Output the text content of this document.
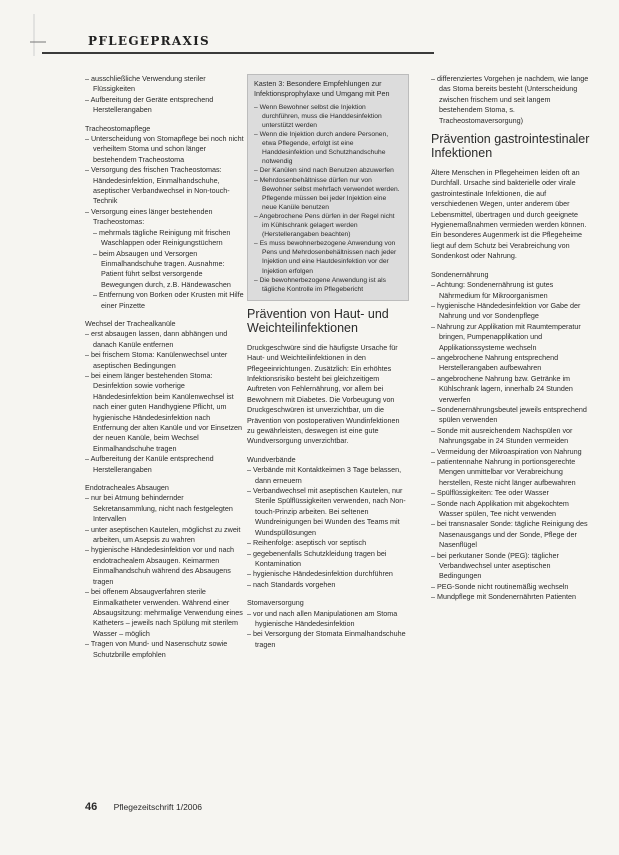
PFLEGEPRAXIS
– ausschließliche Verwendung steriler Flüssigkeiten
– Aufbereitung der Geräte entsprechend Herstellerangaben
Tracheostomapflege
– Unterscheidung von Stomapflege bei noch nicht verheiltem Stoma und schon länger bestehendem Tracheostoma
– Versorgung des frischen Tracheostomas: Händedesinfektion, Einmalhandschuhe, aseptischer Verbandwechsel in Non-touch-Technik
– Versorgung eines länger bestehenden Tracheostomas:
– mehrmals tägliche Reinigung mit frischen Waschlappen oder Reinigungstüchern
– beim Absaugen und Versorgen Einmalhandschuhe tragen. Ausnahme: Patient führt selbst versorgende Bewegungen durch, z.B. Händewaschen
– Entfernung von Borken oder Krusten mit Hilfe einer Pinzette
Wechsel der Trachealkanüle
– erst absaugen lassen, dann abhängen und danach Kanüle entfernen
– bei frischem Stoma: Kanülenwechsel unter aseptischen Bedingungen
– bei einem länger bestehenden Stoma: Desinfektion sowie vorherige Händedesinfektion beim Kanülenwechsel ist nach einer guten Handhygiene Pflicht, um hygienische Händedesinfektion nach Entfernung der alten Kanüle und vor Einsetzen der neuen Kanüle, beim Wechsel Einmalhandschuhe tragen
– Aufbereitung der Kanüle entsprechend Herstellerangaben
Endotracheales Absaugen
– nur bei Atmung behindernder Sekretansammlung, nicht nach festgelegten Intervallen
– unter aseptischen Kautelen, möglichst zu zweit arbeiten, um Asepsis zu wahren
– hygienische Händedesinfektion vor und nach endotrachealem Absaugen. Keimarmen Einmalhandschuh während des Absaugens tragen
– bei offenem Absaugverfahren sterile Einmalkatheter verwenden. Während einer Absaugsitzung: mehrmalige Verwendung eines Katheters – jeweils nach Spülung mit sterilem Wasser – möglich
– Tragen von Mund- und Nasenschutz sowie Schutzbrille empfohlen
Kasten 3: Besondere Empfehlungen zur Infektionsprophylaxe und Umgang mit Pen
– Wenn Bewohner selbst die Injektion durchführen, muss die Handdesinfektion unterstützt werden
– Wenn die Injektion durch andere Personen, etwa Pflegende, erfolgt ist eine Handdesinfektion und Schutzhandschuhe notwendig
– Der Kanülen sind nach Benutzen abzuwerfen
– Mehrdosenbehältnisse dürfen nur von Bewohner selbst mehrfach verwendet werden. Pflegende müssen bei jeder Injektion eine neue Kanüle benutzen
– Angebrochene Pens dürfen in der Regel nicht im Kühlschrank gelagert werden (Herstellerangaben beachten)
– Es muss bewohnerbezogene Anwendung von Pens und Mehrdosenbehältnissen nach jeder Injektion und eine Hautdesinfektion vor der Injektion erfolgen
– Die bewohnerbezogene Anwendung ist als tägliche Kontrolle im Pflegebericht
Prävention von Haut- und Weichteilinfektionen
Druckgeschwüre sind die häufigste Ursache für Haut- und Weichteilinfektionen in den Pflegeeinrichtungen. Zusätzlich: Ein erhöhtes Infektionsrisiko besteht bei gleichzeitigem Auftreten von Fehlernährung, vor allem bei Bewohnern mit Diabetes. Die Vorbeugung von Druckgeschwüren ist unverzichtbar, um die Prävention von postoperativen Wundinfektionen zu gewährleisten, deswegen ist eine gute Wundversorgung unverzichtbar.
Wundverbände
– Verbände mit Kontaktkeimen 3 Tage belassen, dann erneuern
– Verbandwechsel mit aseptischen Kautelen, nur Sterile Spülflüssigkeiten verwenden, nach Non-touch-Prinzip arbeiten. Bei seltenen Wundreinigungen bei Wunden des Teams mit Wundspüllösungen
– Reihenfolge: aseptisch vor septisch
– gegebenenfalls Schutzkleidung tragen bei Kontamination
– hygienische Händedesinfektion durchführen
– nach Standards vorgehen
Stomaversorgung
– vor und nach allen Manipulationen am Stoma hygienische Händedesinfektion
– bei Versorgung der Stomata Einmalhandschuhe tragen
– differenziertes Vorgehen je nachdem, wie lange das Stoma bereits besteht (Unterscheidung zwischen frischem und seit langem bestehendem Stoma, s. Tracheostomaversorgung)
Prävention gastrointestinaler Infektionen
Ältere Menschen in Pflegeheimen leiden oft an Durchfall. Ursache sind bakterielle oder virale gastrointestinale Infektionen, die auf verschiedenen Wegen, unter anderem über Lebensmittel, übertragen und durch geeignete Hygienemaßnahmen vermieden werden können. Ein besonderes Augenmerk ist die Pflegeheime liegt auf dem Schutz bei Verabreichung von Sondenkost oder Nahrung.
Sondenernährung
– Achtung: Sondenernährung ist gutes Nährmedium für Mikroorganismen
– hygienische Händedesinfektion vor Gabe der Nahrung und vor Sondenpflege
– Nahrung zur Applikation mit Raumtemperatur bringen, Pumpenapplikation und Applikationssysteme wechseln
– angebrochene Nahrung entsprechend Herstellerangaben aufbewahren
– angebrochene Nahrung bzw. Getränke im Kühlschrank lagern, innerhalb 24 Stunden verwerfen
– Sondenernährungsbeutel jeweils entsprechend spülen verwenden
– Sonde mit ausreichendem Nachspülen vor Nahrungsgabe in 24 Stunden vermeiden
– Vermeidung der Mikroaspiration von Nahrung
– patientennahe Nahrung in portionsgerechte Mengen unmittelbar vor Verabreichung herstellen, Reste nicht länger aufbewahren
– Spülflüssigkeiten: Tee oder Wasser
– Sonde nach Applikation mit abgekochtem Wasser spülen, Tee nicht verwenden
– bei transnasaler Sonde: tägliche Reinigung des Nasenausgangs und der Sonde, Pflege der Nasenflügel
– bei perkutaner Sonde (PEG): täglicher Verbandwechsel unter aseptischen Bedingungen
– PEG-Sonde nicht routinemäßig wechseln
– Mundpflege mit Sondenernährten Patienten
46 Pflegezeitschrift 1/2006
